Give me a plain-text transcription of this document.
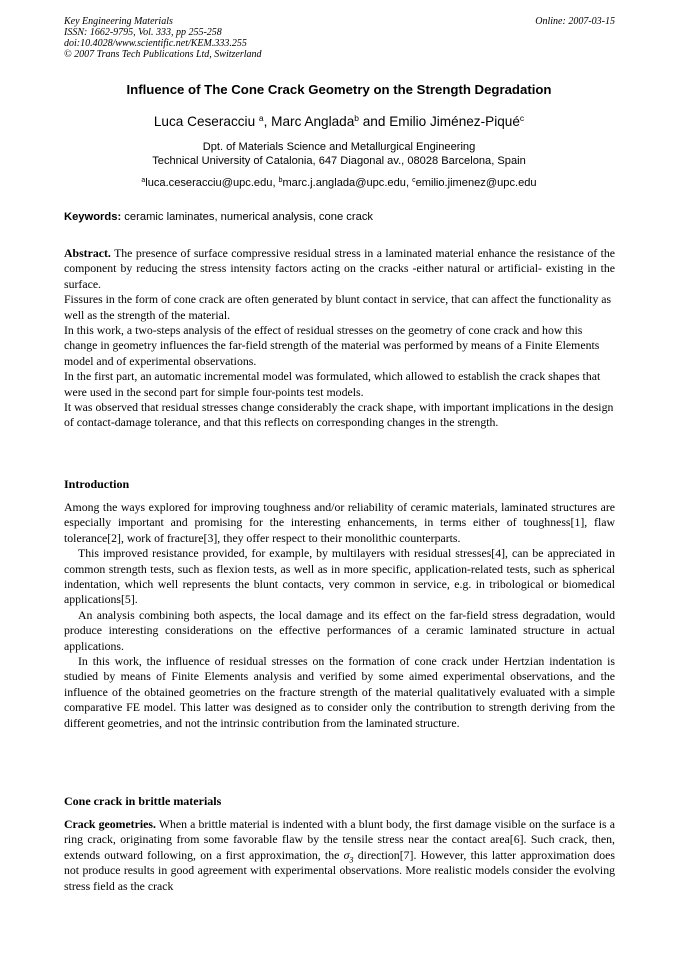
Key Engineering Materials
ISSN: 1662-9795, Vol. 333, pp 255-258
doi:10.4028/www.scientific.net/KEM.333.255
© 2007 Trans Tech Publications Ltd, Switzerland
Online: 2007-03-15
Influence of The Cone Crack Geometry on the Strength Degradation
Luca Ceseracciu $^a$, Marc Anglada$^b$ and Emilio Jiménez-Piqué$^c$
Dpt. of Materials Science and Metallurgical Engineering
Technical University of Catalonia, 647 Diagonal av., 08028 Barcelona, Spain
$^a$luca.ceseracciu@upc.edu, $^b$marc.j.anglada@upc.edu, $^c$emilio.jimenez@upc.edu
Keywords: ceramic laminates, numerical analysis, cone crack

Abstract. The presence of surface compressive residual stress in a laminated material enhance the resistance of the component by reducing the stress intensity factors acting on the cracks -either natural or artificial- existing in the surface.

Fissures in the form of cone crack are often generated by blunt contact in service, that can affect the functionality as well as the strength of the material.

In this work, a two-steps analysis of the effect of residual stresses on the geometry of cone crack and how this change in geometry influences the far-field strength of the material was performed by means of a Finite Elements model and of experimental observations.

In the first part, an automatic incremental model was formulated, which allowed to establish the crack shapes that were used in the second part for simple four-points test models.

It was observed that residual stresses change considerably the crack shape, with important implications in the design of contact-damage tolerance, and that this reflects on corresponding changes in the strength.

Introduction

Among the ways explored for improving toughness and/or reliability of ceramic materials, laminated structures are especially important and promising for the interesting enhancements, in terms either of toughness[1], flaw tolerance[2], work of fracture[3], they offer respect to their monolithic counterparts.

This improved resistance provided, for example, by multilayers with residual stresses[4], can be appreciated in common strength tests, such as flexion tests, as well as in more specific, application-related tests, such as spherical indentation, which well represents the blunt contacts, very common in service, e.g. in tribological or biomedical applications[5].

An analysis combining both aspects, the local damage and its effect on the far-field stress degradation, would produce interesting considerations on the effective performances of a ceramic laminated structure in actual applications.

In this work, the influence of residual stresses on the formation of cone crack under Hertzian indentation is studied by means of Finite Elements analysis and verified by some aimed experimental observations, and the influence of the obtained geometries on the fracture strength of the material qualitatively evaluated with a simple comparative FE model. This latter was designed as to consider only the contribution to strength deriving from the different geometries, and not the intrinsic contribution from the laminated structure.

Cone crack in brittle materials

Crack geometries. When a brittle material is indented with a blunt body, the first damage visible on the surface is a ring crack, originating from some favorable flaw by the tensile stress near the contact area[6]. Such crack, then, extends outward following, on a first approximation, the $\sigma_3$ direction[7]. However, this latter approximation does not produce results in good agreement with experimental observations. More realistic models consider the evolving stress field as the crack
